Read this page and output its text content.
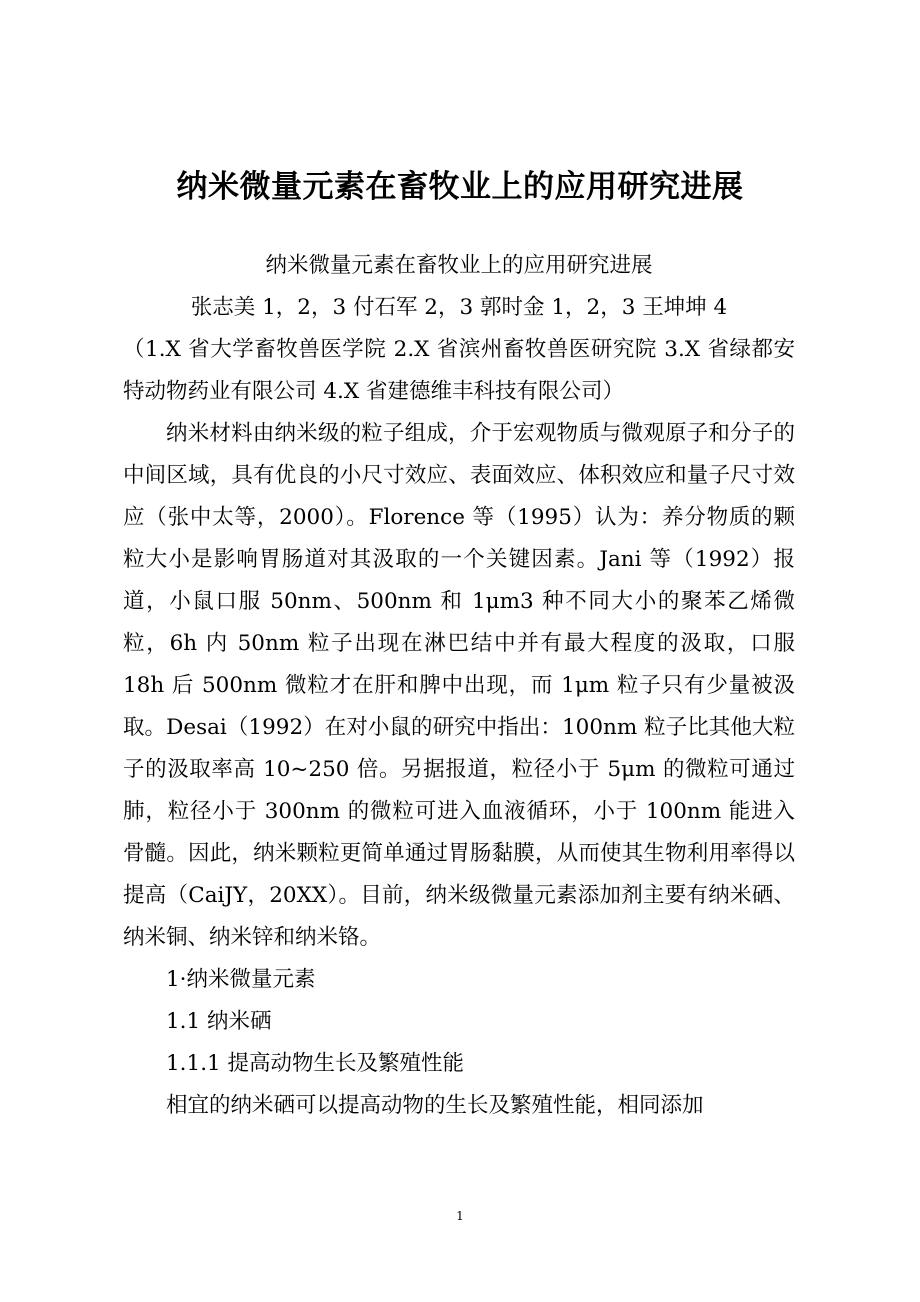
纳米微量元素在畜牧业上的应用研究进展

纳米微量元素在畜牧业上的应用研究进展

张志美 1，2，3 付石军 2，3 郭时金 1，2，3 王坤坤 4

（1.X 省大学畜牧兽医学院 2.X 省滨州畜牧兽医研究院 3.X 省绿都安特动物药业有限公司 4.X 省建德维丰科技有限公司）

纳米材料由纳米级的粒子组成，介于宏观物质与微观原子和分子的中间区域，具有优良的小尺寸效应、表面效应、体积效应和量子尺寸效应（张中太等，2000）。Florence 等（1995）认为：养分物质的颗粒大小是影响胃肠道对其汲取的一个关键因素。Jani 等（1992）报道，小鼠口服 50nm、500nm 和 1μm3 种不同大小的聚苯乙烯微粒，6h 内 50nm 粒子出现在淋巴结中并有最大程度的汲取，口服 18h 后 500nm 微粒才在肝和脾中出现，而 1μm 粒子只有少量被汲取。Desai（1992）在对小鼠的研究中指出：100nm 粒子比其他大粒子的汲取率高 10~250 倍。另据报道，粒径小于 5μm 的微粒可通过肺，粒径小于 300nm 的微粒可进入血液循环，小于 100nm 能进入骨髓。因此，纳米颗粒更简单通过胃肠黏膜，从而使其生物利用率得以提高（CaiJY，20XX）。目前，纳米级微量元素添加剂主要有纳米硒、纳米铜、纳米锌和纳米铬。

1·纳米微量元素

1.1 纳米硒

1.1.1 提高动物生长及繁殖性能

相宜的纳米硒可以提高动物的生长及繁殖性能，相同添加

1
